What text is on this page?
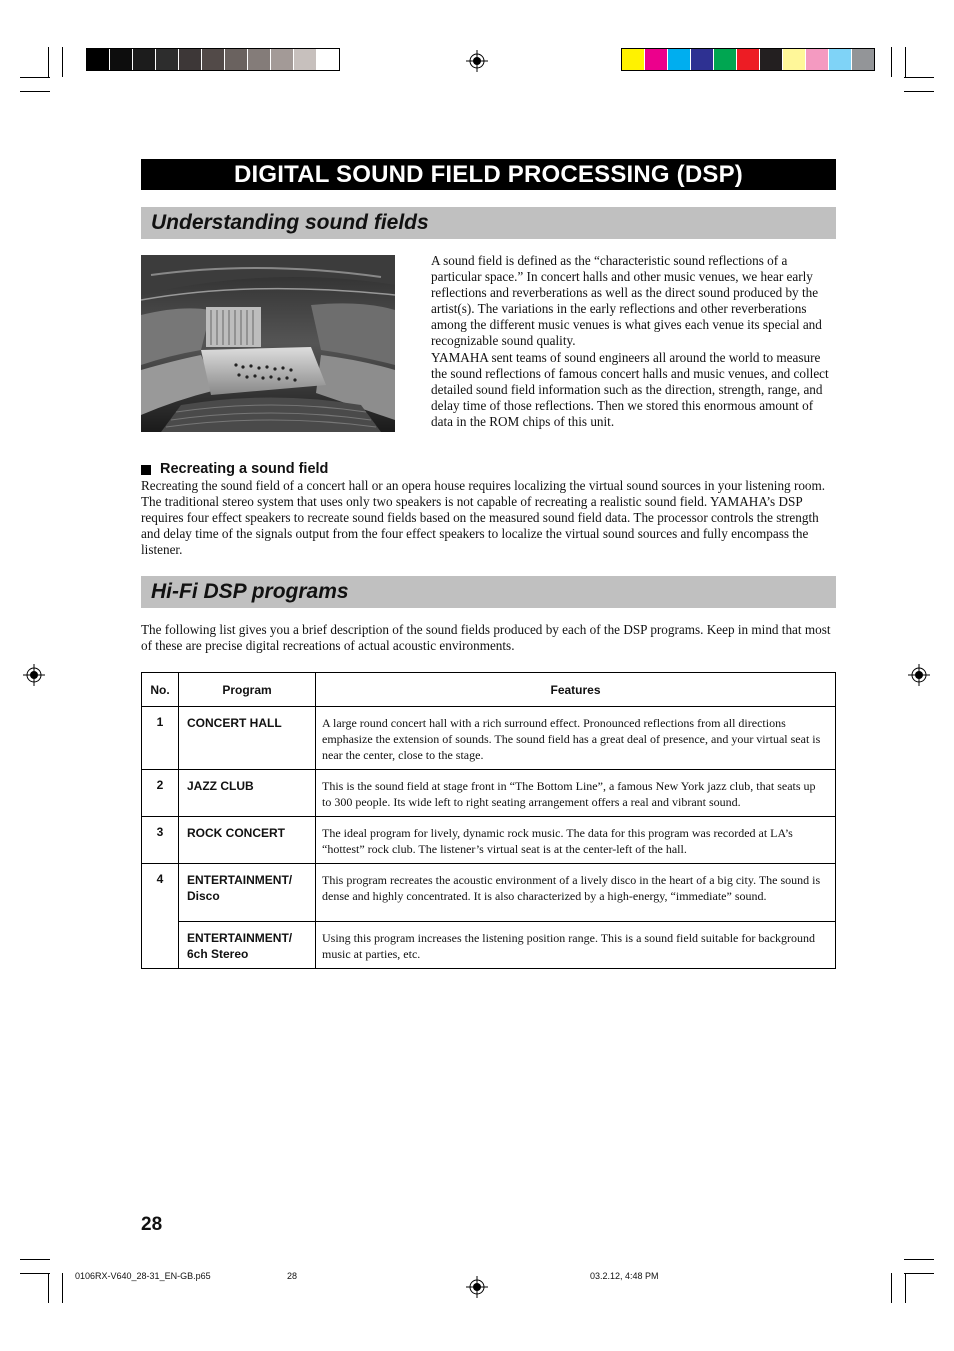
DIGITAL SOUND FIELD PROCESSING (DSP)
Understanding sound fields
A sound field is defined as the “characteristic sound reflections of a particular space.” In concert halls and other music venues, we hear early reflections and reverberations as well as the direct sound produced by the artist(s). The variations in the early reflections and other reverberations among the different music venues is what gives each venue its special and recognizable sound quality.
YAMAHA sent teams of sound engineers all around the world to measure the sound reflections of famous concert halls and music venues, and collect detailed sound field information such as the direction, strength, range, and delay time of those reflections. Then we stored this enormous amount of data in the ROM chips of this unit.
Recreating a sound field
Recreating the sound field of a concert hall or an opera house requires localizing the virtual sound sources in your listening room. The traditional stereo system that uses only two speakers is not capable of recreating a realistic sound field. YAMAHA’s DSP requires four effect speakers to recreate sound fields based on the measured sound field data. The processor controls the strength and delay time of the signals output from the four effect speakers to localize the virtual sound sources and fully encompass the listener.
Hi-Fi DSP programs
The following list gives you a brief description of the sound fields produced by each of the DSP programs. Keep in mind that most of these are precise digital recreations of actual acoustic environments.
No.	Program	Features
1	CONCERT HALL	A large round concert hall with a rich surround effect. Pronounced reflections from all directions emphasize the extension of sounds. The sound field has a great deal of presence, and your virtual seat is near the center, close to the stage.
2	JAZZ CLUB	This is the sound field at stage front in “The Bottom Line”, a famous New York jazz club, that seats up to 300 people. Its wide left to right seating arrangement offers a real and vibrant sound.
3	ROCK CONCERT	The ideal program for lively, dynamic rock music. The data for this program was recorded at LA’s “hottest” rock club. The listener’s virtual seat is at the center-left of the hall.
4	ENTERTAINMENT/ Disco	This program recreates the acoustic environment of a lively disco in the heart of a big city. The sound is dense and highly concentrated. It is also characterized by a high-energy, “immediate” sound.
	ENTERTAINMENT/ 6ch Stereo	Using this program increases the listening position range. This is a sound field suitable for background music at parties, etc.
28
0106RX-V640_28-31_EN-GB.p65	28	03.2.12, 4:48 PM
